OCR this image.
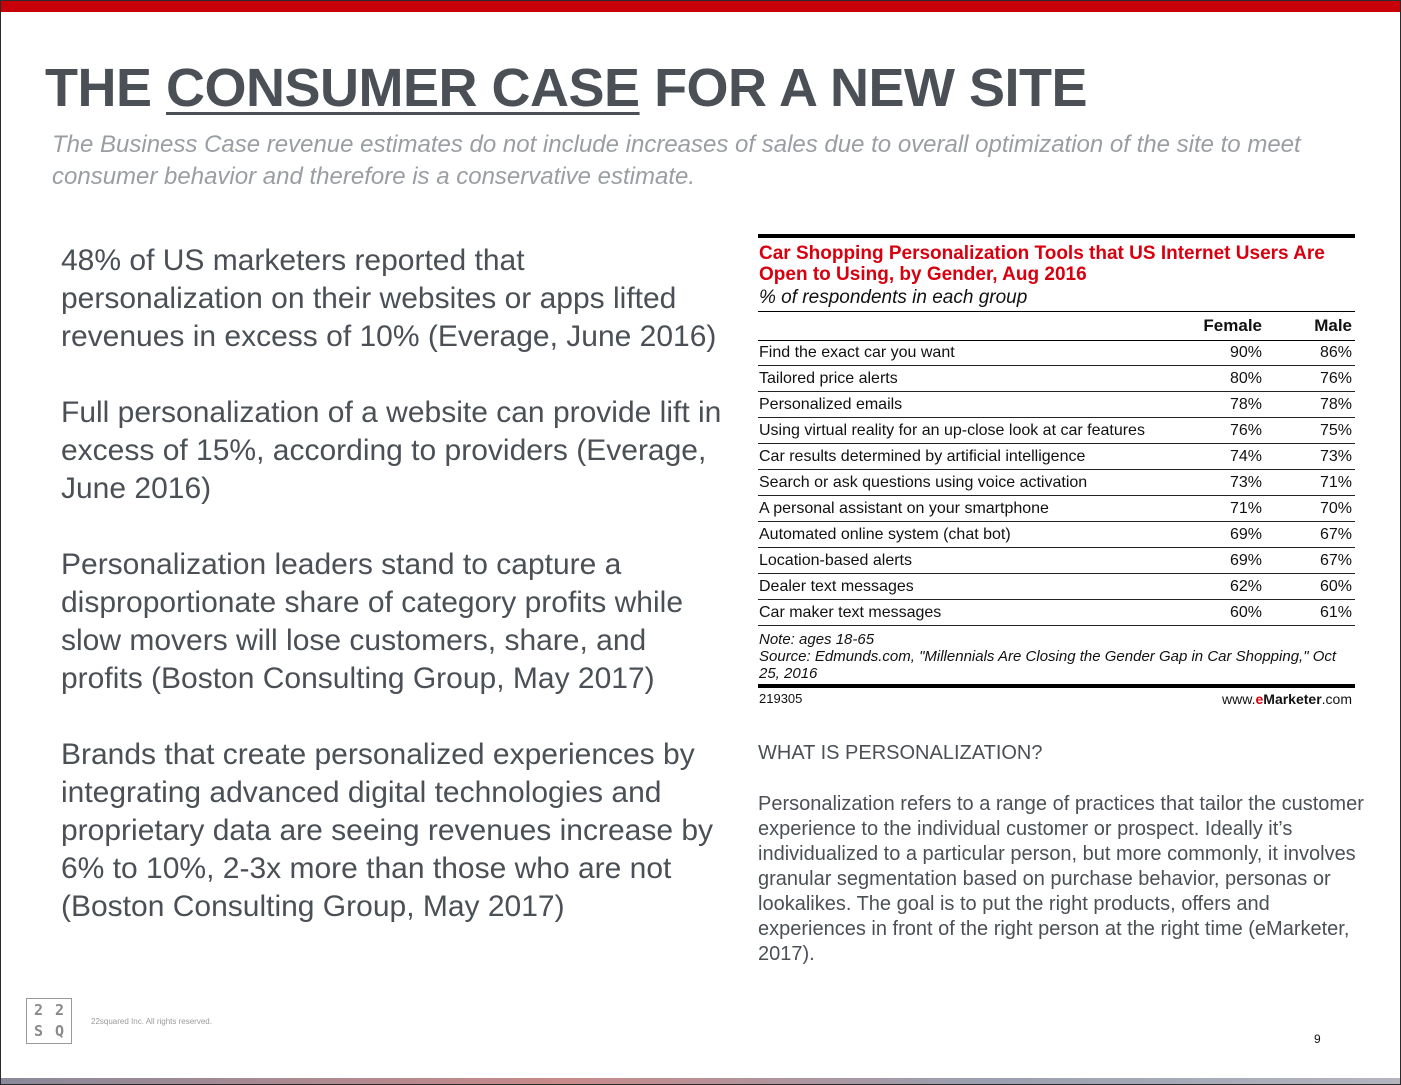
THE CONSUMER CASE FOR A NEW SITE

The Business Case revenue estimates do not include increases of sales due to overall optimization of the site to meet consumer behavior and therefore is a conservative estimate.

48% of US marketers reported that personalization on their websites or apps lifted revenues in excess of 10% (Everage, June 2016)

Full personalization of a website can provide lift in excess of 15%, according to providers (Everage, June 2016)

Personalization leaders stand to capture a disproportionate share of category profits while slow movers will lose customers, share, and profits (Boston Consulting Group, May 2017)

Brands that create personalized experiences by integrating advanced digital technologies and proprietary data are seeing revenues increase by 6% to 10%, 2-3x more than those who are not (Boston Consulting Group, May 2017)

Car Shopping Personalization Tools that US Internet Users Are Open to Using, by Gender, Aug 2016
% of respondents in each group
	Female	Male
Find the exact car you want	90%	86%
Tailored price alerts	80%	76%
Personalized emails	78%	78%
Using virtual reality for an up-close look at car features	76%	75%
Car results determined by artificial intelligence	74%	73%
Search or ask questions using voice activation	73%	71%
A personal assistant on your smartphone	71%	70%
Automated online system (chat bot)	69%	67%
Location-based alerts	69%	67%
Dealer text messages	62%	60%
Car maker text messages	60%	61%
Note: ages 18-65
Source: Edmunds.com, "Millennials Are Closing the Gender Gap in Car Shopping," Oct 25, 2016
219305	www.eMarketer.com
WHAT IS PERSONALIZATION?

Personalization refers to a range of practices that tailor the customer experience to the individual customer or prospect. Ideally it’s individualized to a particular person, but more commonly, it involves granular segmentation based on purchase behavior, personas or lookalikes. The goal is to put the right products, offers and experiences in front of the right person at the right time (eMarketer, 2017).

2 2
S Q
22squared Inc. All rights reserved.
9
